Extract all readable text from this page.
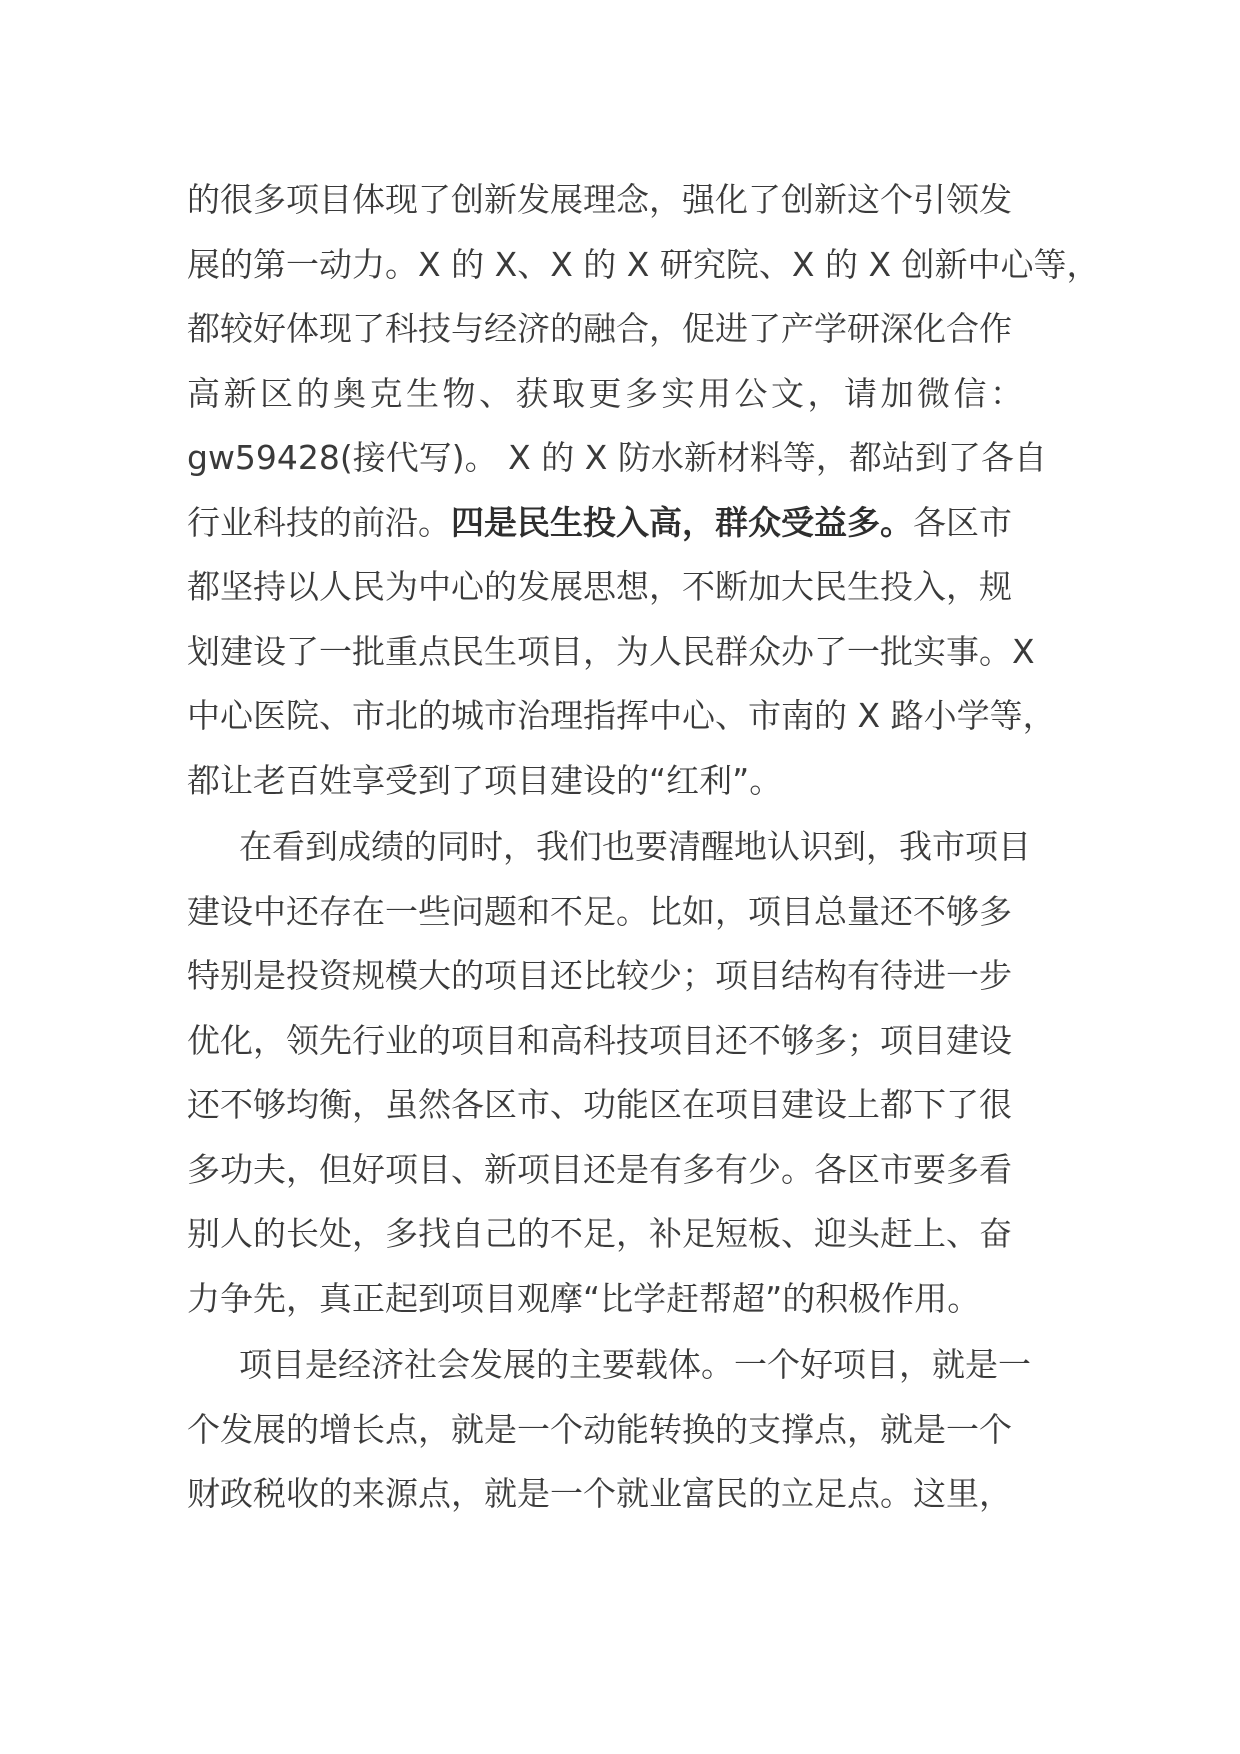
的很多项目体现了创新发展理念，强化了创新这个引领发
展的第一动力。X 的 X、X 的 X 研究院、X 的 X 创新中心等，
都较好体现了科技与经济的融合，促进了产学研深化合作
高新区的奥克生物、获取更多实用公文，请加微信：
gw59428(接代写)。 X 的 X 防水新材料等，都站到了各自
行业科技的前沿。四是民生投入高，群众受益多。各区市
都坚持以人民为中心的发展思想，不断加大民生投入，规
划建设了一批重点民生项目，为人民群众办了一批实事。X
中心医院、市北的城市治理指挥中心、市南的 X 路小学等，
都让老百姓享受到了项目建设的“红利”。
在看到成绩的同时，我们也要清醒地认识到，我市项目
建设中还存在一些问题和不足。比如，项目总量还不够多
特别是投资规模大的项目还比较少；项目结构有待进一步
优化，领先行业的项目和高科技项目还不够多；项目建设
还不够均衡，虽然各区市、功能区在项目建设上都下了很
多功夫，但好项目、新项目还是有多有少。各区市要多看
别人的长处，多找自己的不足，补足短板、迎头赶上、奋
力争先，真正起到项目观摩“比学赶帮超”的积极作用。
项目是经济社会发展的主要载体。一个好项目，就是一
个发展的增长点，就是一个动能转换的支撑点，就是一个
财政税收的来源点，就是一个就业富民的立足点。这里，
